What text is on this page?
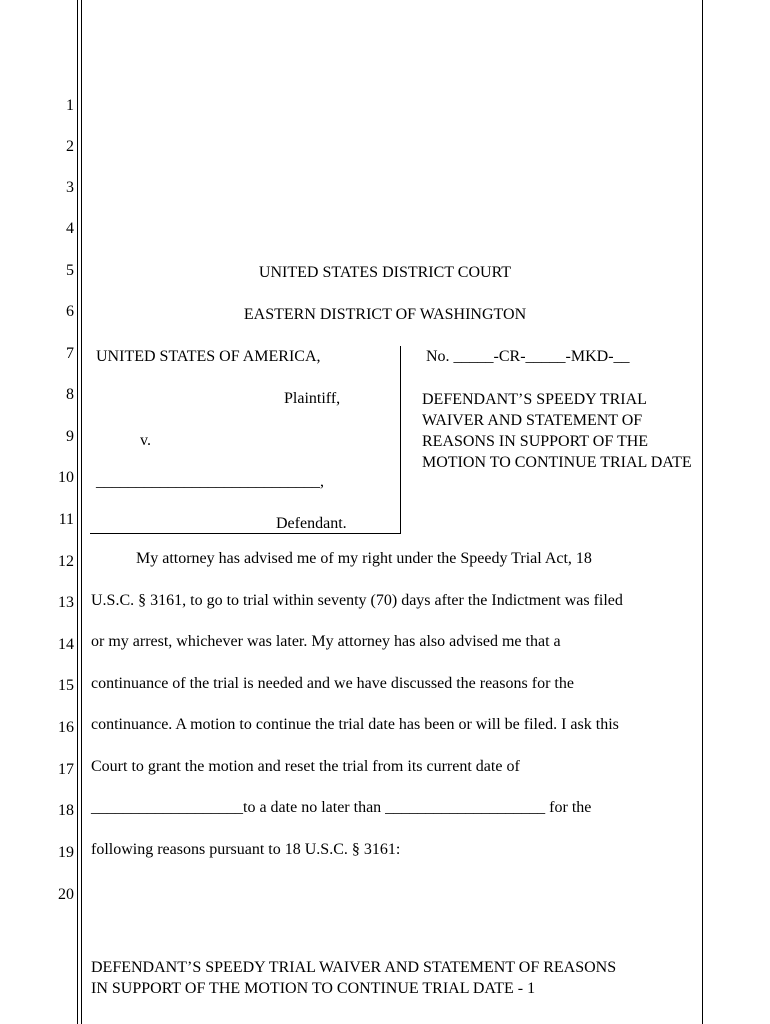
1
2
3
4
5
6
7
8
9
10
11
12
13
14
15
16
17
18
19
20
UNITED STATES DISTRICT COURT
EASTERN DISTRICT OF WASHINGTON
UNITED STATES OF AMERICA,
Plaintiff,
v.
____________________________,
Defendant.
No. _____-CR-_____-MKD-__
DEFENDANT’S SPEEDY TRIAL WAIVER AND STATEMENT OF REASONS IN SUPPORT OF THE MOTION TO CONTINUE TRIAL DATE
My attorney has advised me of my right under the Speedy Trial Act, 18
U.S.C. § 3161, to go to trial within seventy (70) days after the Indictment was filed
or my arrest, whichever was later. My attorney has also advised me that a
continuance of the trial is needed and we have discussed the reasons for the
continuance. A motion to continue the trial date has been or will be filed. I ask this
Court to grant the motion and reset the trial from its current date of
___________________to a date no later than ____________________ for the
following reasons pursuant to 18 U.S.C. § 3161:
DEFENDANT’S SPEEDY TRIAL WAIVER AND STATEMENT OF REASONS
IN SUPPORT OF THE MOTION TO CONTINUE TRIAL DATE - 1
